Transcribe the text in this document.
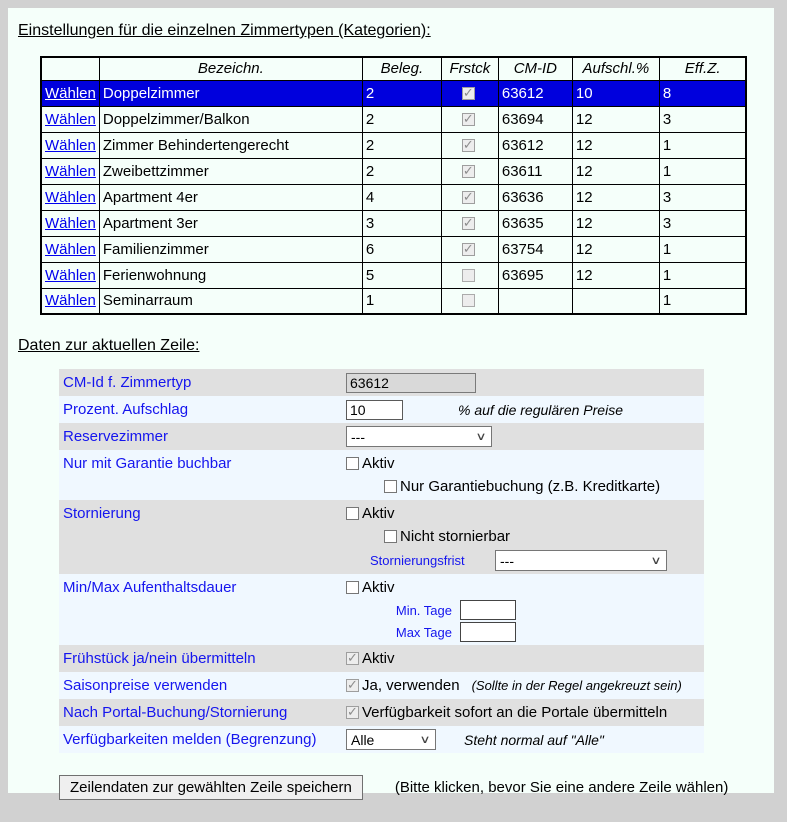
Einstellungen für die einzelnen Zimmertypen (Kategorien):
	Bezeichn.	Beleg.	Frstck	CM-ID	Aufschl.%	Eff.Z.
Wählen	Doppelzimmer	2	✓	63612	10	8
Wählen	Doppelzimmer/Balkon	2	✓	63694	12	3
Wählen	Zimmer Behindertengerecht	2	✓	63612	12	1
Wählen	Zweibettzimmer	2	✓	63611	12	1
Wählen	Apartment 4er	4	✓	63636	12	3
Wählen	Apartment 3er	3	✓	63635	12	3
Wählen	Familienzimmer	6	✓	63754	12	1
Wählen	Ferienwohnung	5		63695	12	1
Wählen	Seminarraum	1				1
Daten zur aktuellen Zeile:
CM-Id f. Zimmertyp
63612
Prozent. Aufschlag
10	% auf die regulären Preise
Reservezimmer	---	∨
Nur mit Garantie buchbar	Aktiv
Nur Garantiebuchung (z.B. Kreditkarte)
Stornierung	Aktiv
Nicht stornierbar
Stornierungsfrist	---	∨
Min/Max Aufenthaltsdauer	Aktiv
Min. Tage
Max Tage
Frühstück ja/nein übermitteln ✓	Aktiv
Saisonpreise verwenden ✓	Ja, verwenden (Sollte in der Regel angekreuzt sein)
Nach Portal-Buchung/Stornierung ✓	Verfügbarkeit sofort an die Portale übermitteln
Verfügbarkeiten melden (Begrenzung)	Alle	∨ Steht normal auf "Alle"
Zeilendaten zur gewählten Zeile speichern	(Bitte klicken, bevor Sie eine andere Zeile wählen)
